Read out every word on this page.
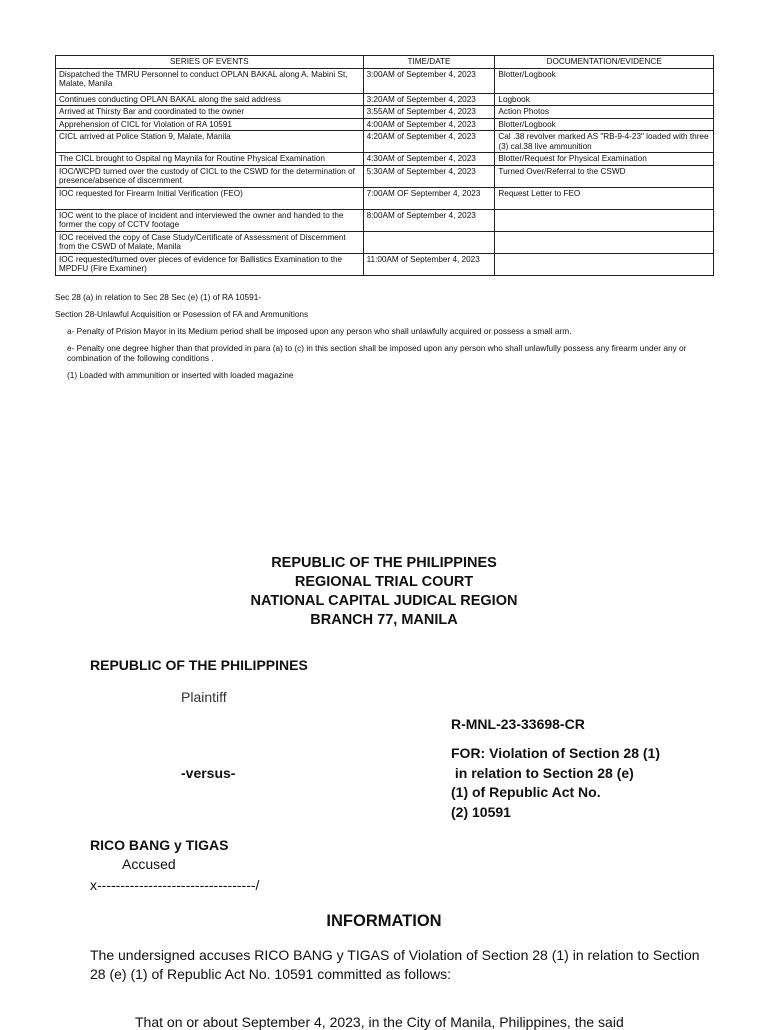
SERIES OF EVENTS	TIME/DATE	DOCUMENTATION/EVIDENCE
Dispatched the TMRU Personnel to conduct OPLAN BAKAL along A. Mabini St, Malate, Manila	3:00AM of September 4, 2023	Blotter/Logbook
Continues conducting OPLAN BAKAL along the said address	3:20AM of September 4, 2023	Logbook
Arrived at Thirsty Bar and coordinated to the owner	3:55AM of September 4, 2023	Action Photos
Apprehension of CICL for Violation of RA 10591	4:00AM of September 4, 2023	Blotter/Logbook
CICL arrived at Police Station 9, Malate, Manila	4:20AM of September 4, 2023	Cal .38 revolver marked AS "RB-9-4-23" loaded with three (3) cal.38 live ammunition
The CICL brought to Ospital ng Maynila for Routine Physical Examination	4:30AM of September 4, 2023	Blotter/Request for Physical Examination
IOC/WCPD turned over the custody of CICL to the CSWD for the determination of presence/absence of discernment	5:30AM of September 4, 2023	Turned Over/Referral to the CSWD
IOC requested for Firearm Initial Verification (FEO)	7:00AM OF September 4, 2023	Request Letter to FEO
IOC went to the place of incident and interviewed the owner and handed to the former the copy of CCTV footage	8:00AM of September 4, 2023	
IOC received the copy of Case Study/Certificate of Assessment of Discernment from the CSWD of Malate, Manila		
IOC requested/turned over pieces of evidence for Ballistics Examination to the MPDFU (Fire Examiner)	11:00AM of September 4, 2023	

Sec 28 (a) in relation to Sec 28 Sec (e) (1) of RA 10591-

Section 28-Unlawful Acquisition or Posession of FA and Ammunitions

a- Penalty of Prision Mayor in its Medium period shall be imposed upon any person who shall unlawfully acquired or possess a small arm.

e- Penalty one degree higher than that provided in para (a) to (c) in this section shall be imposed upon any person who shall unlawfully possess any firearm under any or combination of the following conditions .

(1) Loaded with ammunition or inserted with loaded magazine

REPUBLIC OF THE PHILIPPINES
REGIONAL TRIAL COURT
NATIONAL CAPITAL JUDICAL REGION
BRANCH 77, MANILA
REPUBLIC OF THE PHILIPPINES
Plaintiff
R-MNL-23-33698-CR
FOR: Violation of Section 28 (1)
in relation to Section 28 (e)
(1) of Republic Act No.
(2) 10591
-versus-
RICO BANG y TIGAS
Accused
x----------------------------------/
INFORMATION
The undersigned accuses RICO BANG y TIGAS of Violation of Section 28 (1) in relation to Section 28 (e) (1) of Republic Act No. 10591 committed as follows:
That on or about September 4, 2023, in the City of Manila, Philippines, the said
